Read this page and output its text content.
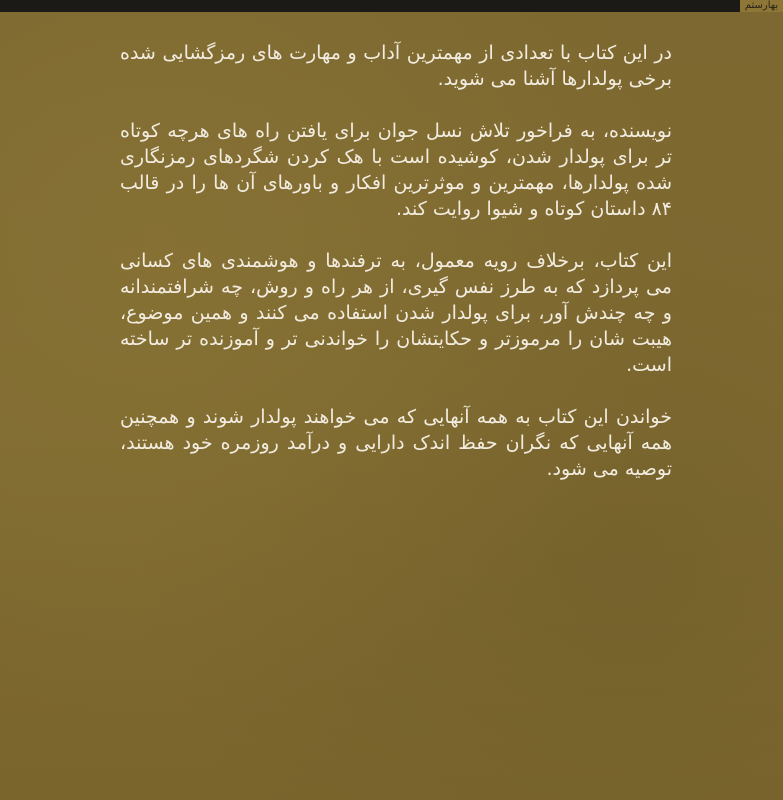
بهارستم

در این کتاب با تعدادی از مهمترین آداب و مهارت های رمزگشایی شده برخی پولدارها آشنا می شوید.

نویسنده، به فراخور تلاش نسل جوان برای یافتن راه های هرچه کوتاه تر برای پولدار شدن، کوشیده است با هک کردن شگردهای رمزنگاری شده پولدارها، مهمترین و موثرترین افکار و باورهای آن ها را در قالب ۸۴ داستان کوتاه و شیوا روایت کند.

این کتاب، برخلاف رویه معمول، به ترفندها و هوشمندی های کسانی می پردازد که به طرز نفس گیری، از هر راه و روش، چه شرافتمندانه و چه چندش آور، برای پولدار شدن استفاده می کنند و همین موضوع، هیبت شان را مرموزتر و حکایتشان را خواندنی تر و آموزنده تر ساخته است.

خواندن این کتاب به همه آنهایی که می خواهند پولدار شوند و همچنین همه آنهایی که نگران حفظ اندک دارایی و درآمد روزمره خود هستند، توصیه می شود.
